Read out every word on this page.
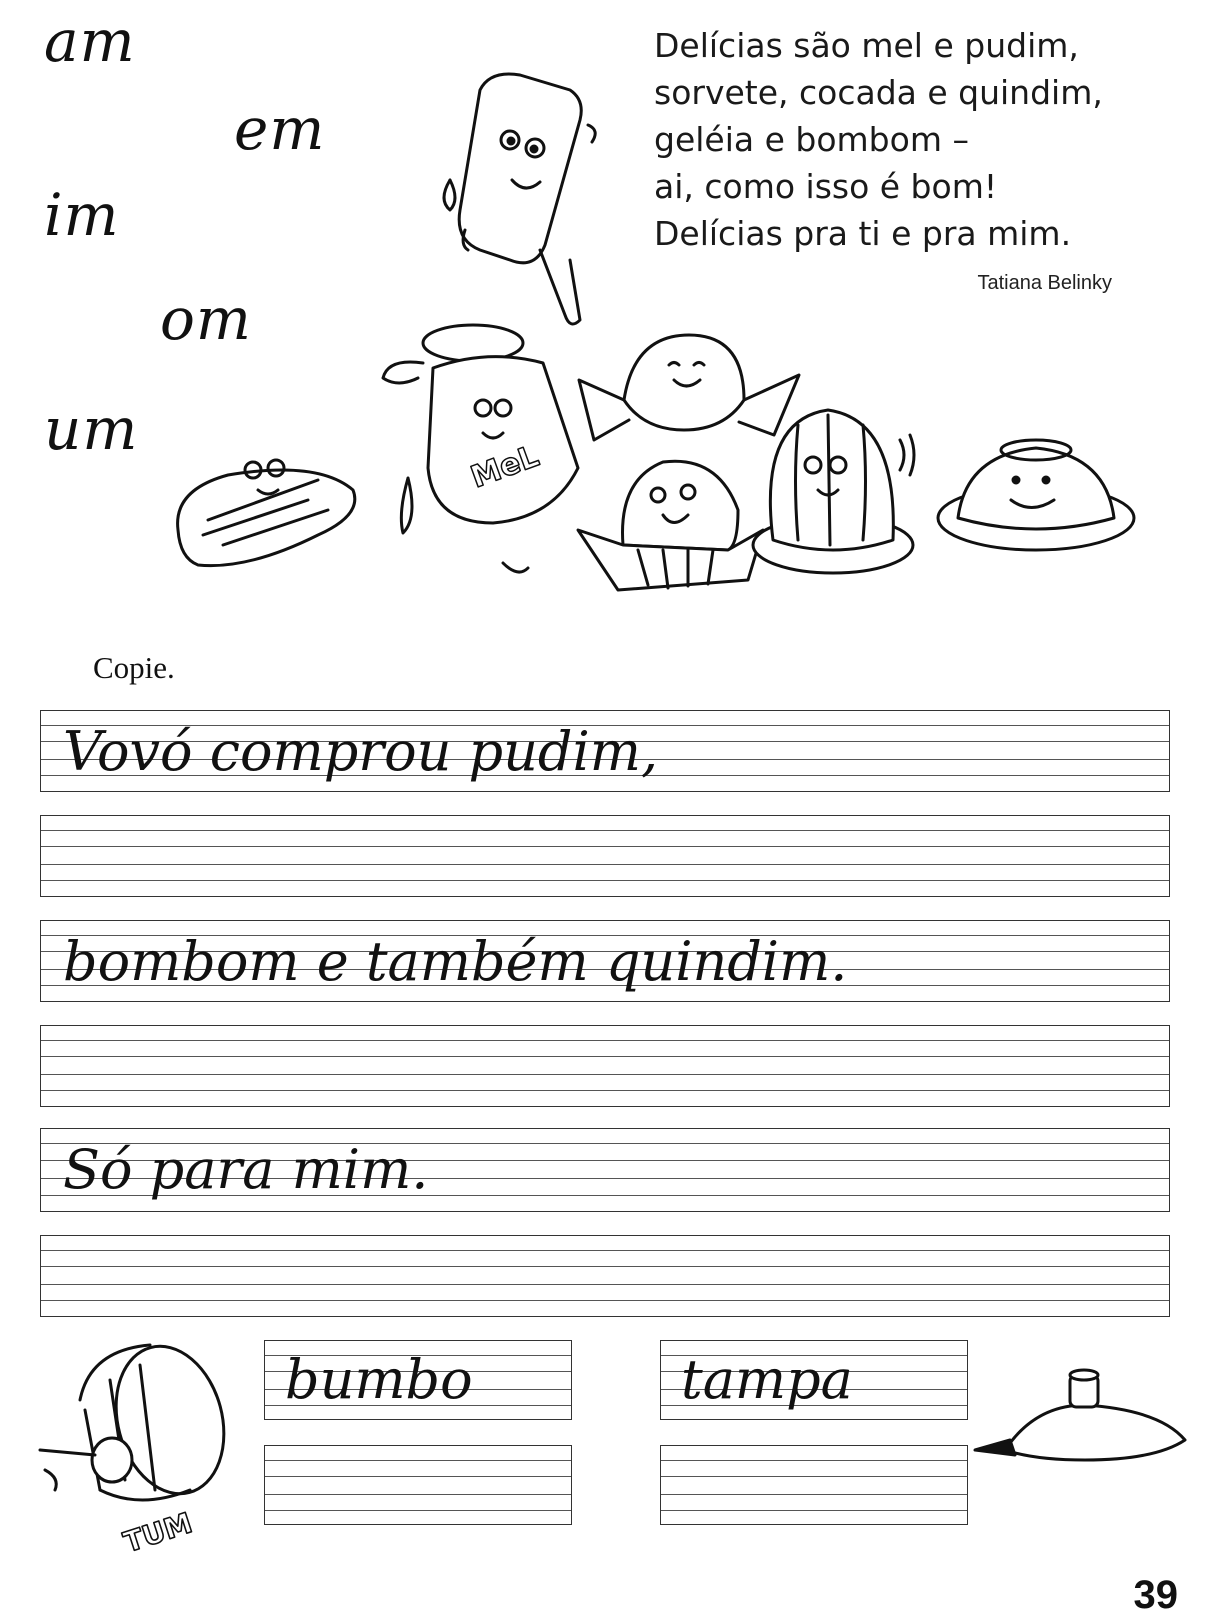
am
em
im
om
um
Delícias são mel e pudim,
sorvete, cocada e quindim,
geléia e bombom –
ai, como isso é bom!
Delícias pra ti e pra mim.
Tatiana Belinky
MeL
Copie.
Vovó comprou pudim,
bombom e também quindim.
Só para mim.
bumbo	tampa
TUM
39
